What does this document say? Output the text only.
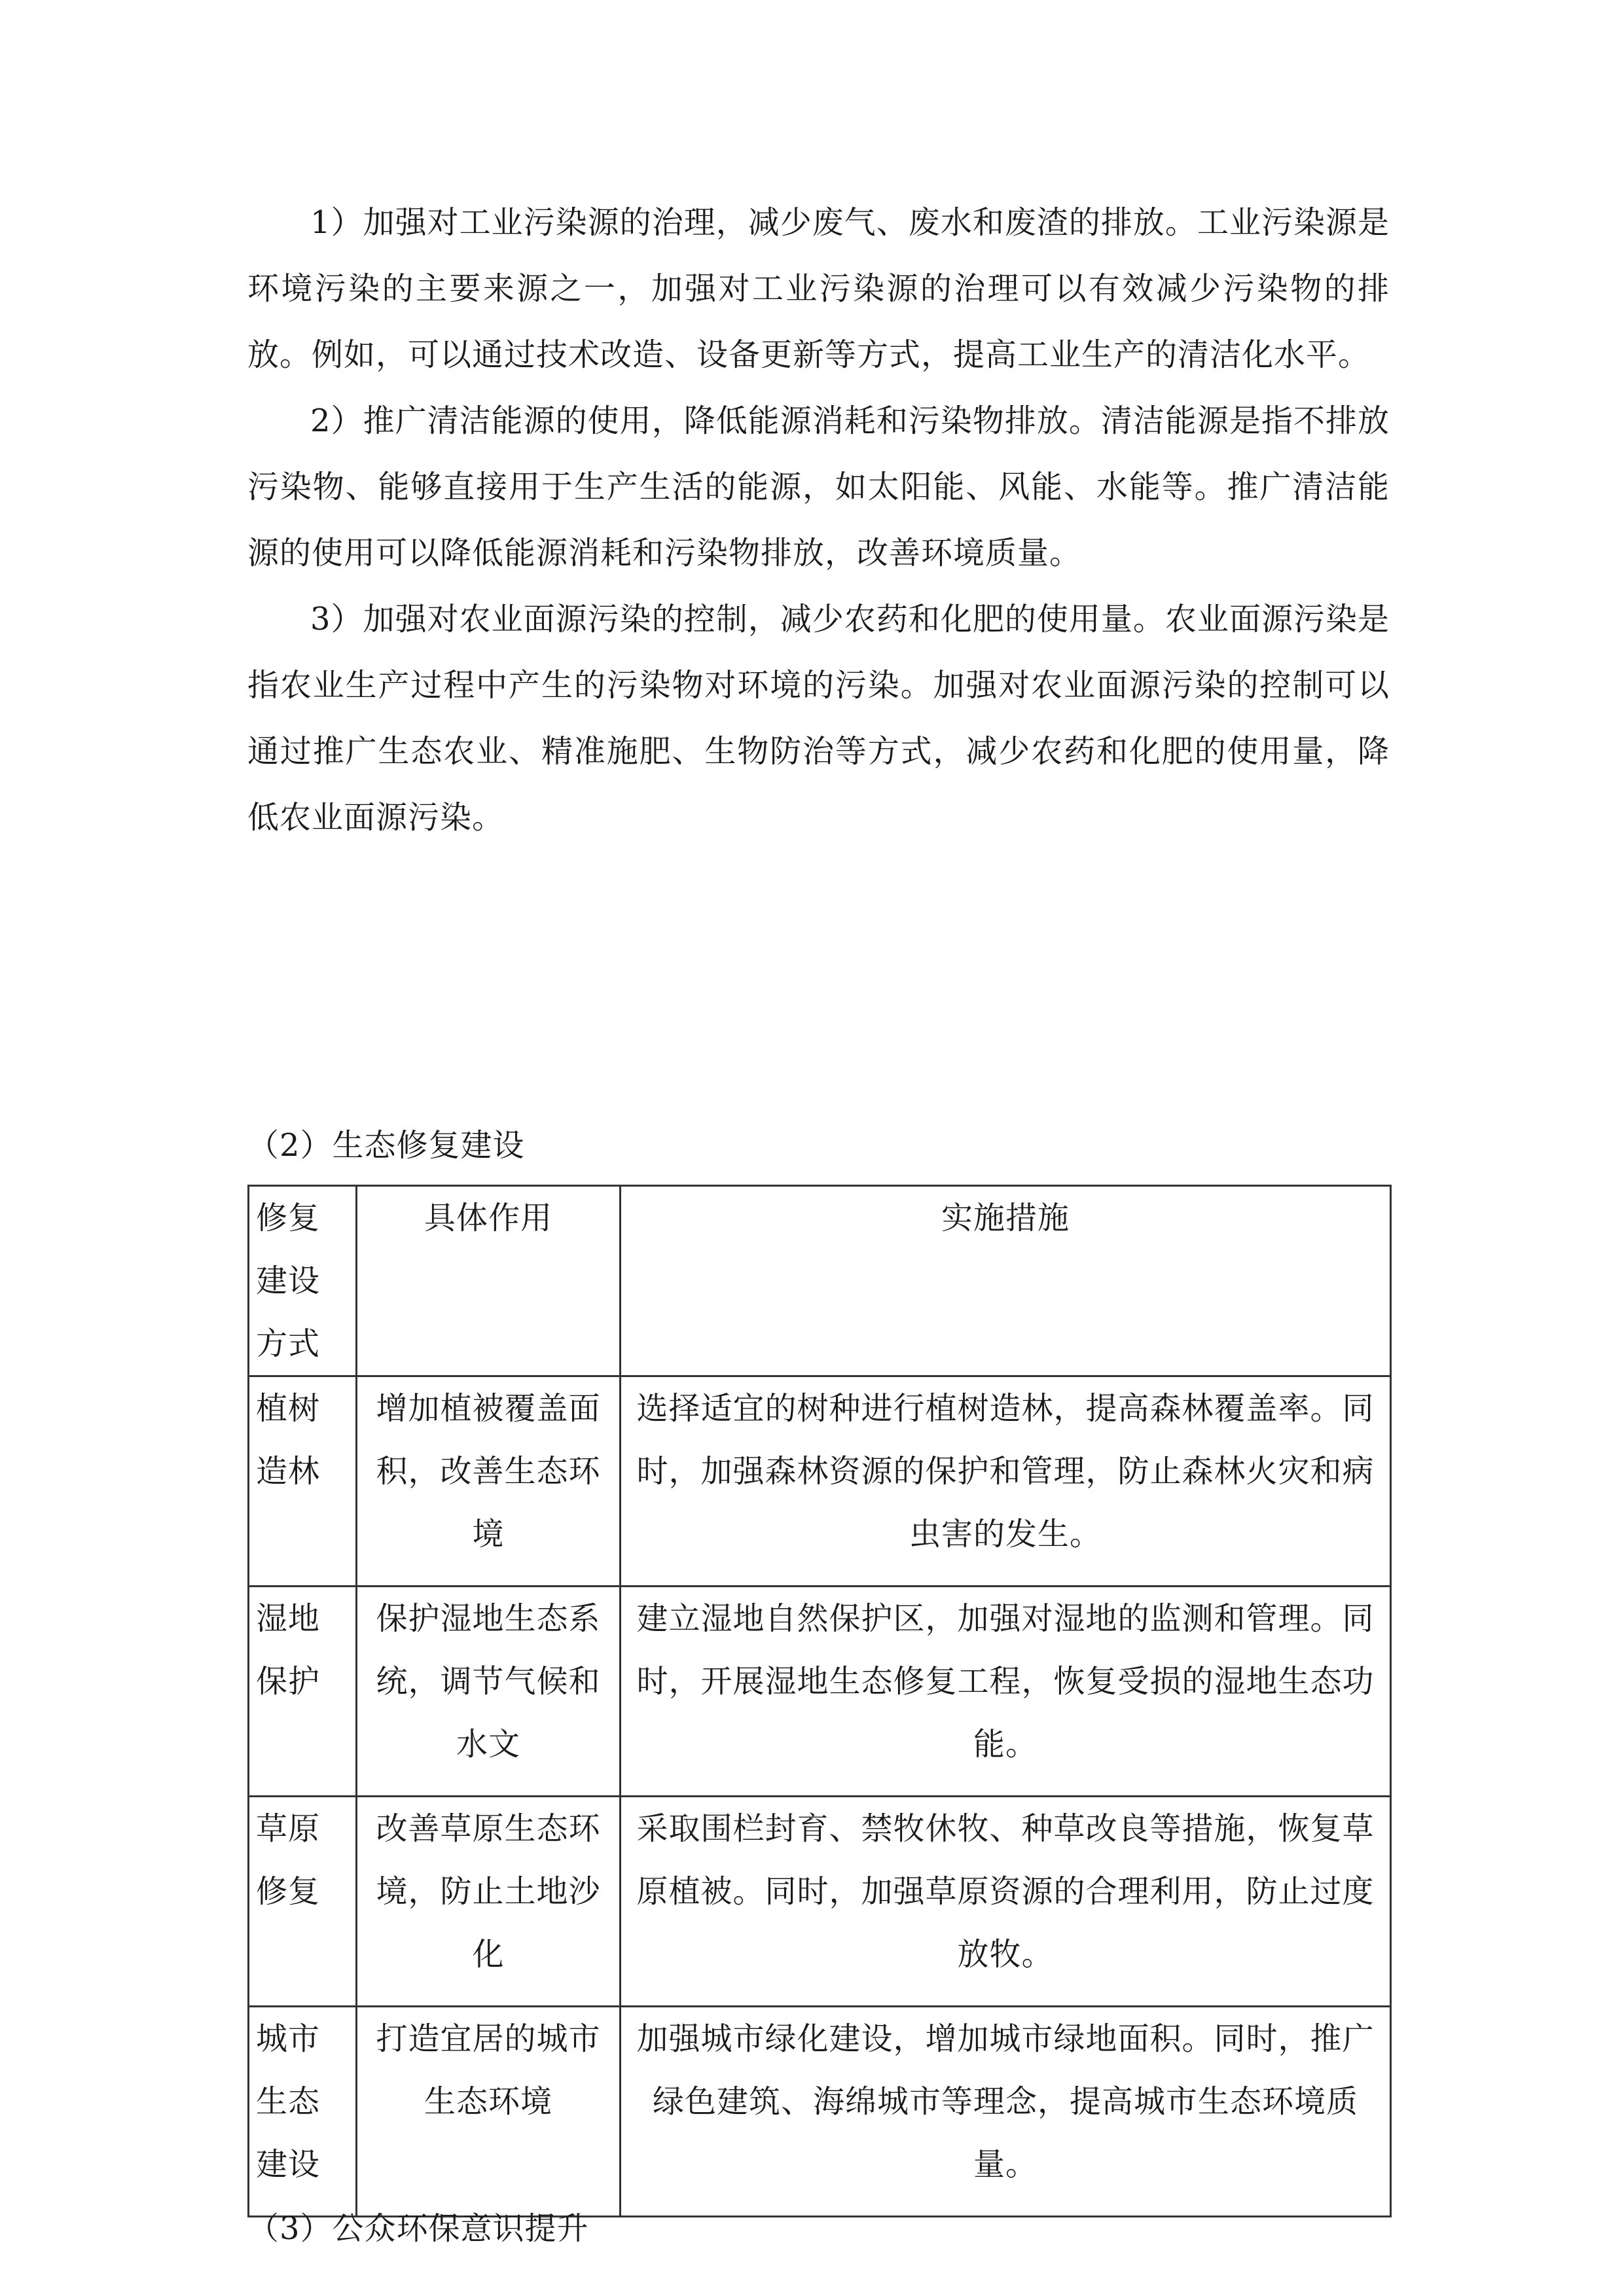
1）加强对工业污染源的治理，减少废气、废水和废渣的排放。工业污染源是环境污染的主要来源之一，加强对工业污染源的治理可以有效减少污染物的排放。例如，可以通过技术改造、设备更新等方式，提高工业生产的清洁化水平。

2）推广清洁能源的使用，降低能源消耗和污染物排放。清洁能源是指不排放污染物、能够直接用于生产生活的能源，如太阳能、风能、水能等。推广清洁能源的使用可以降低能源消耗和污染物排放，改善环境质量。

3）加强对农业面源污染的控制，减少农药和化肥的使用量。农业面源污染是指农业生产过程中产生的污染物对环境的污染。加强对农业面源污染的控制可以通过推广生态农业、精准施肥、生物防治等方式，减少农药和化肥的使用量，降低农业面源污染。

（2）生态修复建设

修复建设方式	具体作用	实施措施
植树造林	增加植被覆盖面积，改善生态环境	选择适宜的树种进行植树造林，提高森林覆盖率。同时，加强森林资源的保护和管理，防止森林火灾和病虫害的发生。
湿地保护	保护湿地生态系统，调节气候和水文	建立湿地自然保护区，加强对湿地的监测和管理。同时，开展湿地生态修复工程，恢复受损的湿地生态功能。
草原修复	改善草原生态环境，防止土地沙化	采取围栏封育、禁牧休牧、种草改良等措施，恢复草原植被。同时，加强草原资源的合理利用，防止过度放牧。
城市生态建设	打造宜居的城市生态环境	加强城市绿化建设，增加城市绿地面积。同时，推广绿色建筑、海绵城市等理念，提高城市生态环境质量。

（3）公众环保意识提升
